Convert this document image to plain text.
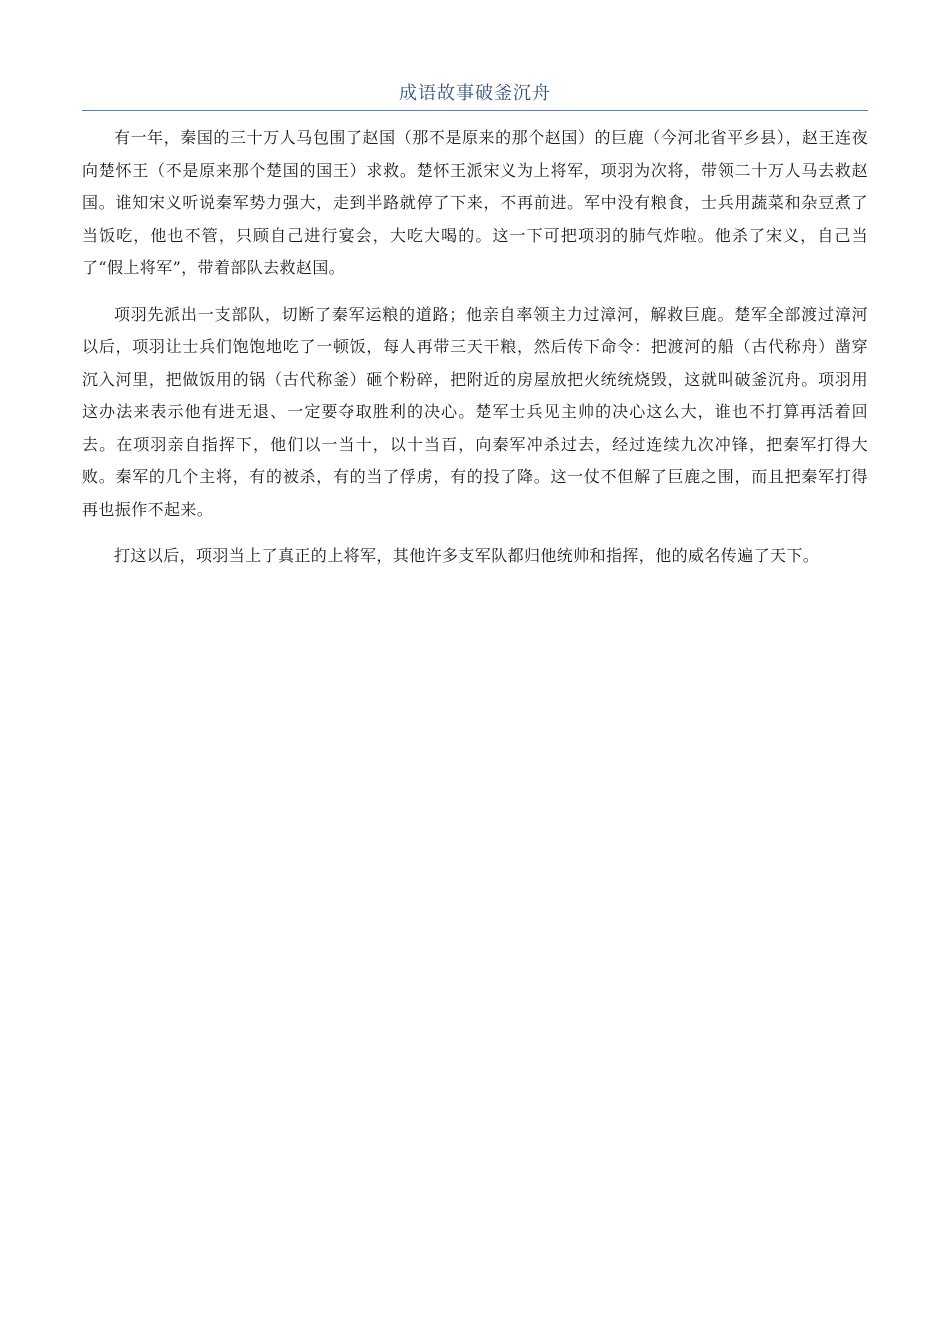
成语故事破釜沉舟

有一年，秦国的三十万人马包围了赵国（那不是原来的那个赵国）的巨鹿（今河北省平乡县），赵王连夜向楚怀王（不是原来那个楚国的国王）求救。楚怀王派宋义为上将军，项羽为次将，带领二十万人马去救赵国。谁知宋义听说秦军势力强大，走到半路就停了下来，不再前进。军中没有粮食，士兵用蔬菜和杂豆煮了当饭吃，他也不管，只顾自己进行宴会，大吃大喝的。这一下可把项羽的肺气炸啦。他杀了宋义，自己当了“假上将军”，带着部队去救赵国。

项羽先派出一支部队，切断了秦军运粮的道路；他亲自率领主力过漳河，解救巨鹿。楚军全部渡过漳河以后，项羽让士兵们饱饱地吃了一顿饭，每人再带三天干粮，然后传下命令：把渡河的船（古代称舟）凿穿沉入河里，把做饭用的锅（古代称釜）砸个粉碎，把附近的房屋放把火统统烧毁，这就叫破釜沉舟。项羽用这办法来表示他有进无退、一定要夺取胜利的决心。楚军士兵见主帅的决心这么大，谁也不打算再活着回去。在项羽亲自指挥下，他们以一当十，以十当百，向秦军冲杀过去，经过连续九次冲锋，把秦军打得大败。秦军的几个主将，有的被杀，有的当了俘虏，有的投了降。这一仗不但解了巨鹿之围，而且把秦军打得再也振作不起来。

打这以后，项羽当上了真正的上将军，其他许多支军队都归他统帅和指挥，他的威名传遍了天下。
